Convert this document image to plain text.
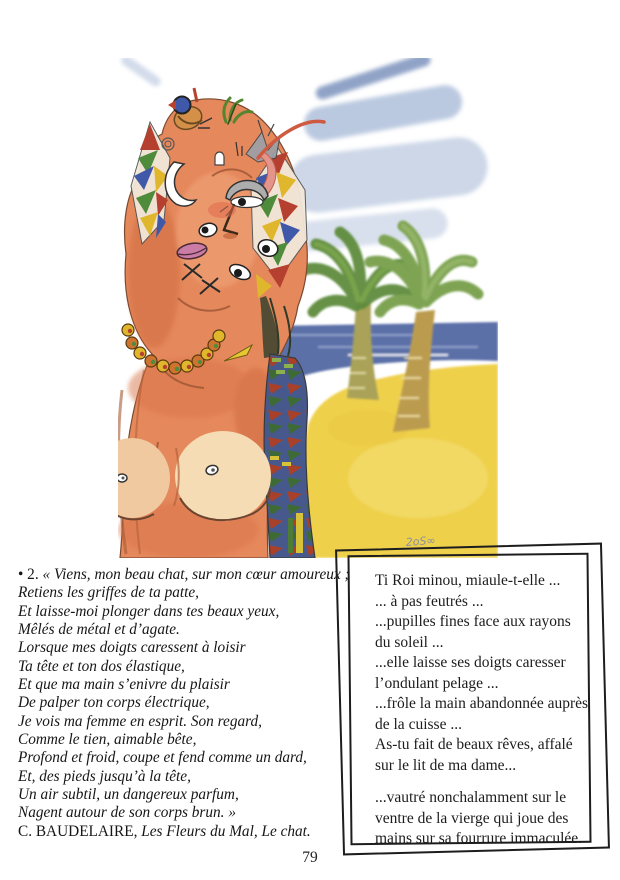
2oS∞
• 2. « Viens, mon beau chat, sur mon cœur amoureux ;
Retiens les griffes de ta patte,
Et laisse-moi plonger dans tes beaux yeux,
Mêlés de métal et d’agate.
Lorsque mes doigts caressent à loisir
Ta tête et ton dos élastique,
Et que ma main s’enivre du plaisir
De palper ton corps électrique,
Je vois ma femme en esprit. Son regard,
Comme le tien, aimable bête,
Profond et froid, coupe et fend comme un dard,
Et, des pieds jusqu’à la tête,
Un air subtil, un dangereux parfum,
Nagent autour de son corps brun. »
C. BAUDELAIRE, Les Fleurs du Mal, Le chat.
Ti Roi minou, miaule-t-elle ...
... à pas feutrés ...
...pupilles fines face aux rayons
du soleil ...
...elle laisse ses doigts caresser
l’ondulant pelage ...
...frôle la main abandonnée auprès
de la cuisse ...
As-tu fait de beaux rêves, affalé
sur le lit de ma dame...
...vautré nonchalamment sur le
ventre de la vierge qui joue des
mains sur sa fourrure immaculée.
79
